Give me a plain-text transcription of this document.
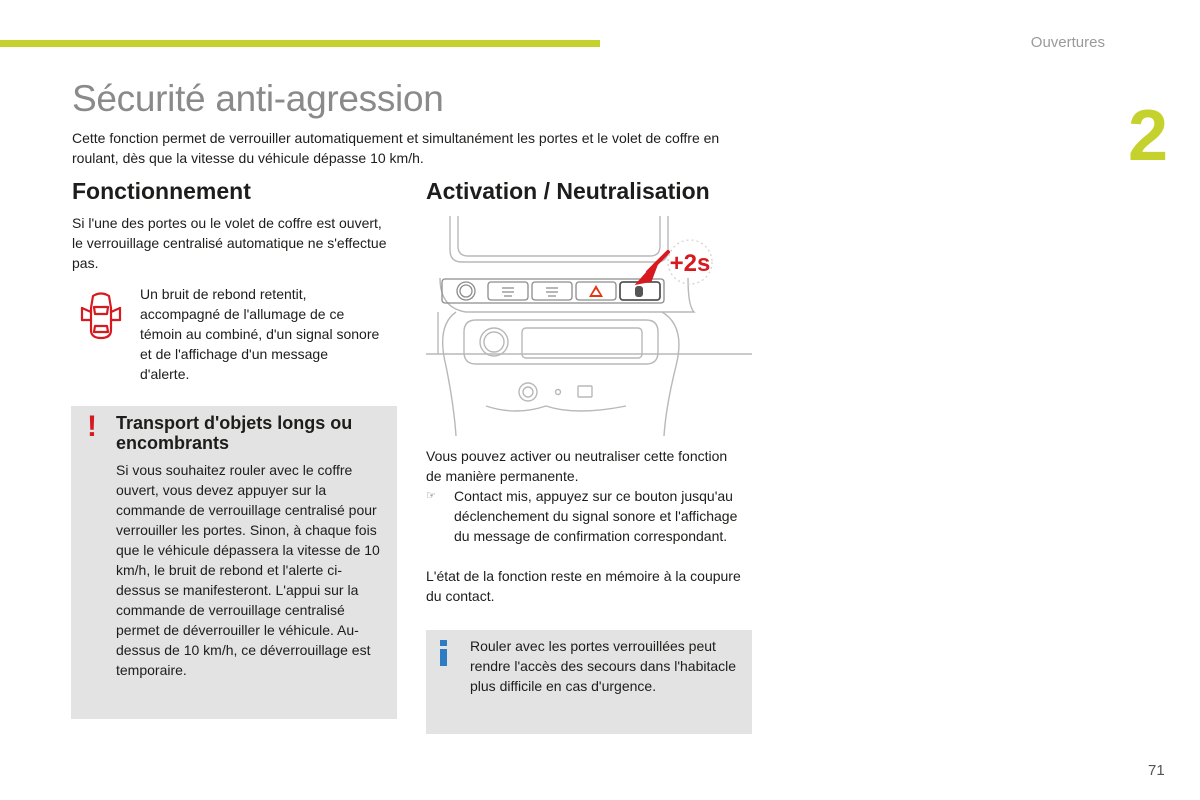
Ouvertures
2
Sécurité anti-agression
Cette fonction permet de verrouiller automatiquement et simultanément les portes et le volet de coffre en roulant, dès que la vitesse du véhicule dépasse 10 km/h.
Fonctionnement
Si l'une des portes ou le volet de coffre est ouvert, le verrouillage centralisé automatique ne s'effectue pas.
Un bruit de rebond retentit, accompagné de l'allumage de ce témoin au combiné, d'un signal sonore et de l'affichage d'un message d'alerte.
! Transport d'objets longs ou encombrants
Si vous souhaitez rouler avec le coffre ouvert, vous devez appuyer sur la commande de verrouillage centralisé pour verrouiller les portes. Sinon, à chaque fois que le véhicule dépassera la vitesse de 10 km/h, le bruit de rebond et l'alerte ci-dessus se manifesteront. L'appui sur la commande de verrouillage centralisé permet de déverrouiller le véhicule. Au-dessus de 10 km/h, ce déverrouillage est temporaire.
Activation / Neutralisation
+2s
Vous pouvez activer ou neutraliser cette fonction de manière permanente.
☞ Contact mis, appuyez sur ce bouton jusqu'au déclenchement du signal sonore et l'affichage du message de confirmation correspondant.
L'état de la fonction reste en mémoire à la coupure du contact.
Rouler avec les portes verrouillées peut rendre l'accès des secours dans l'habitacle plus difficile en cas d'urgence.
71
